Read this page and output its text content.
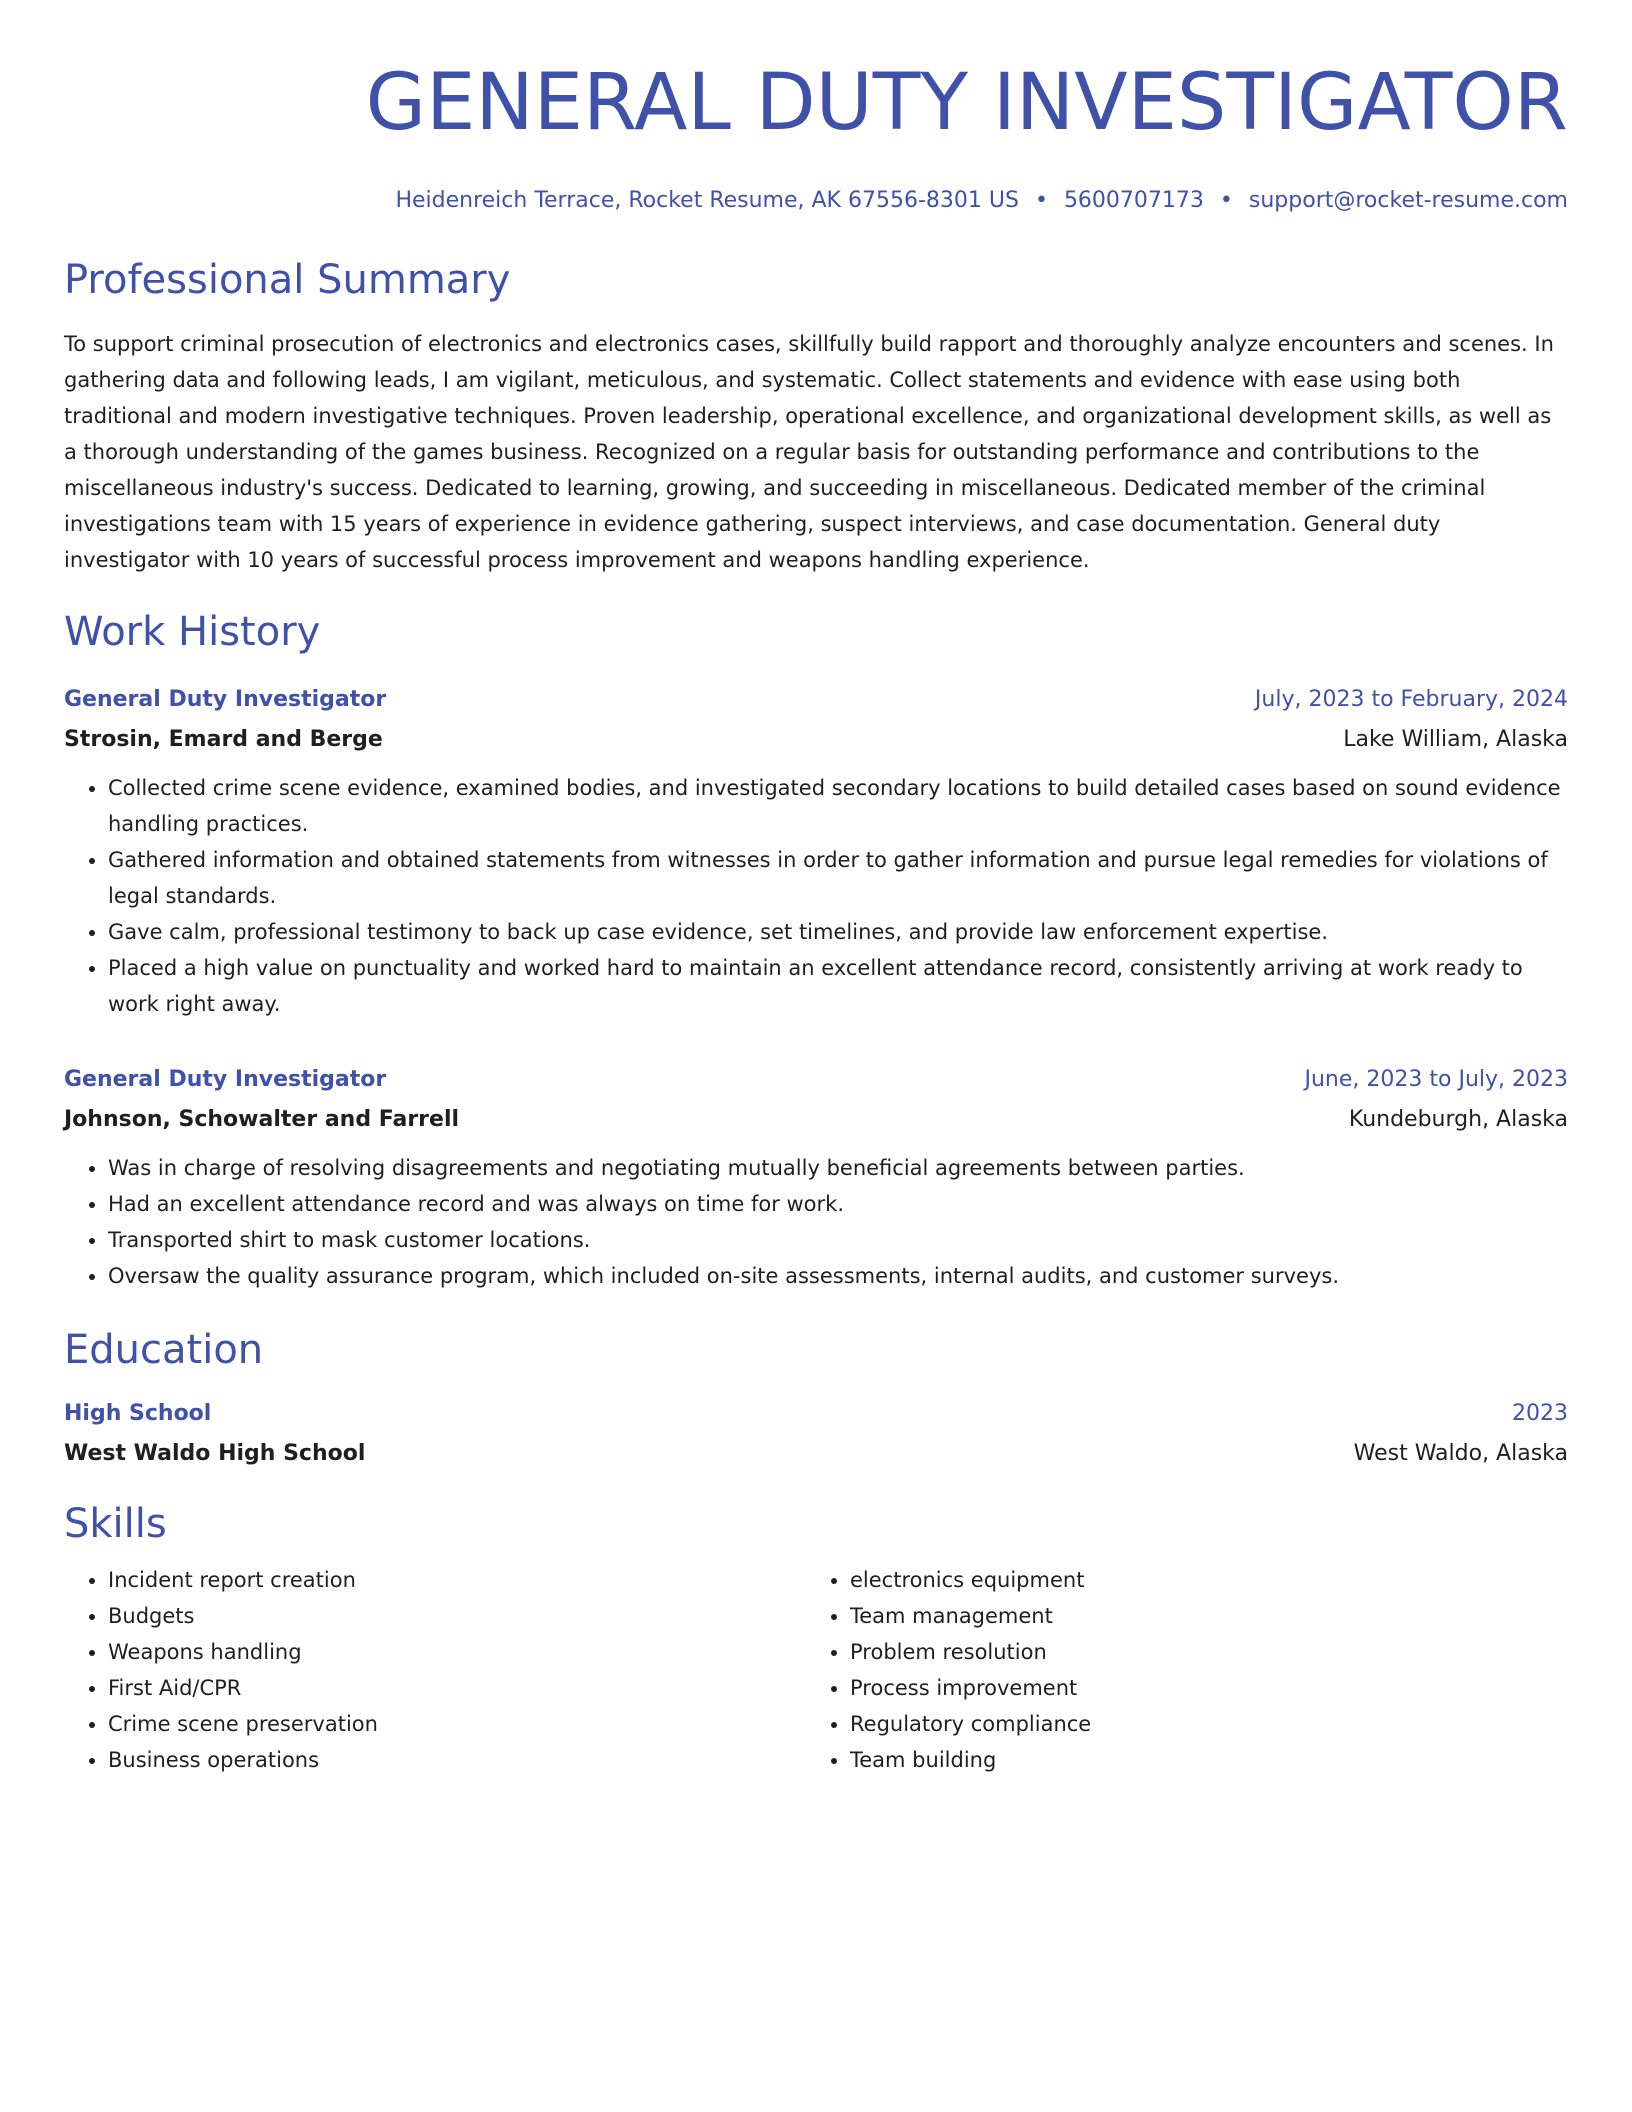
GENERAL DUTY INVESTIGATOR
Heidenreich Terrace, Rocket Resume, AK 67556-8301 US • 5600707173 • support@rocket-resume.com
Professional Summary

To support criminal prosecution of electronics and electronics cases, skillfully build rapport and thoroughly analyze encounters and scenes. In gathering data and following leads, I am vigilant, meticulous, and systematic. Collect statements and evidence with ease using both traditional and modern investigative techniques. Proven leadership, operational excellence, and organizational development skills, as well as a thorough understanding of the games business. Recognized on a regular basis for outstanding performance and contributions to the miscellaneous industry's success. Dedicated to learning, growing, and succeeding in miscellaneous. Dedicated member of the criminal investigations team with 15 years of experience in evidence gathering, suspect interviews, and case documentation. General duty investigator with 10 years of successful process improvement and weapons handling experience.

Work History
General Duty Investigator	July, 2023 to February, 2024
Strosin, Emard and Berge	Lake William, Alaska
• Collected crime scene evidence, examined bodies, and investigated secondary locations to build detailed cases based on sound evidence handling practices.
• Gathered information and obtained statements from witnesses in order to gather information and pursue legal remedies for violations of legal standards.
• Gave calm, professional testimony to back up case evidence, set timelines, and provide law enforcement expertise.
• Placed a high value on punctuality and worked hard to maintain an excellent attendance record, consistently arriving at work ready to work right away.
General Duty Investigator	June, 2023 to July, 2023
Johnson, Schowalter and Farrell	Kundeburgh, Alaska
• Was in charge of resolving disagreements and negotiating mutually beneficial agreements between parties.
• Had an excellent attendance record and was always on time for work.
• Transported shirt to mask customer locations.
• Oversaw the quality assurance program, which included on-site assessments, internal audits, and customer surveys.
Education
High School	2023
West Waldo High School	West Waldo, Alaska
Skills
• Incident report creation
• Budgets
• Weapons handling
• First Aid/CPR
• Crime scene preservation
• Business operations
• electronics equipment
• Team management
• Problem resolution
• Process improvement
• Regulatory compliance
• Team building
